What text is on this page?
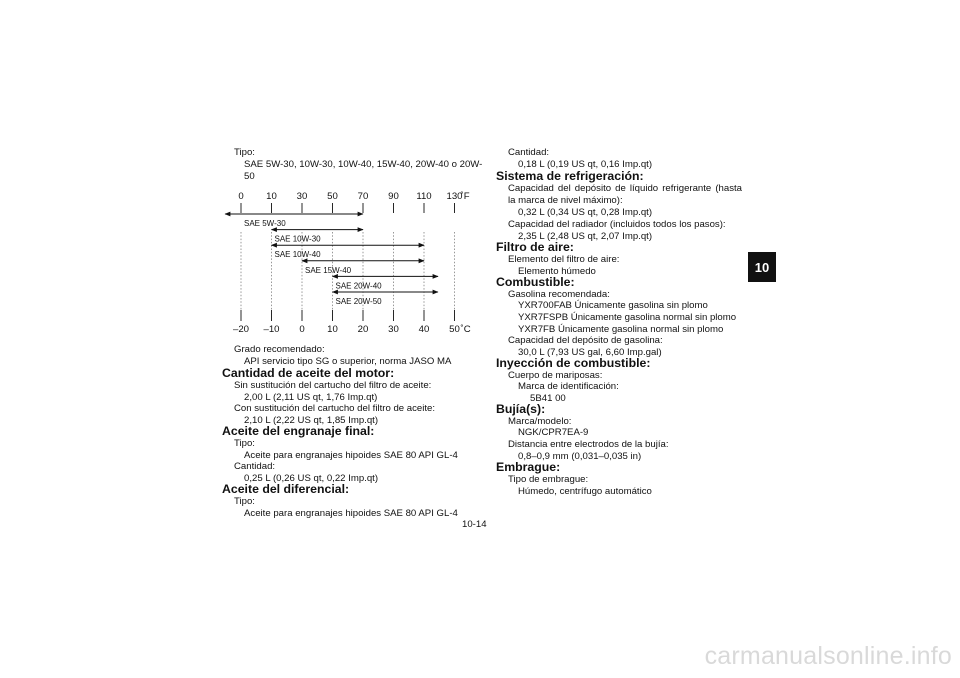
Tipo:
SAE 5W-30, 10W-30, 10W-40, 15W-40, 20W-40 o 20W-
50
Grado recomendado:
API servicio tipo SG o superior, norma JASO MA
Cantidad de aceite del motor:
Sin sustitución del cartucho del filtro de aceite:
2,00 L (2,11 US qt, 1,76 Imp.qt)
Con sustitución del cartucho del filtro de aceite:
2,10 L (2,22 US qt, 1,85 Imp.qt)
Aceite del engranaje final:
Tipo:
Aceite para engranajes hipoides SAE 80 API GL-4
Cantidad:
0,25 L (0,26 US qt, 0,22 Imp.qt)
Aceite del diferencial:
Tipo:
Aceite para engranajes hipoides SAE 80 API GL-4
0
–20
10
–10
30
0
50
10
70
20
90
30
110
40
130
50
˚F
˚C
SAE 5W-30
SAE 10W-30
SAE 10W-40
SAE 15W-40
SAE 20W-40
SAE 20W-50
Cantidad:
0,18 L (0,19 US qt, 0,16 Imp.qt)
Sistema de refrigeración:
Capacidad del depósito de líquido refrigerante (hasta la marca de nivel máximo):
0,32 L (0,34 US qt, 0,28 Imp.qt)
Capacidad del radiador (incluidos todos los pasos):
2,35 L (2,48 US qt, 2,07 Imp.qt)
Filtro de aire:
Elemento del filtro de aire:
Elemento húmedo
Combustible:
Gasolina recomendada:
YXR700FAB Únicamente gasolina sin plomo
YXR7FSPB Únicamente gasolina normal sin plomo
YXR7FB Únicamente gasolina normal sin plomo
Capacidad del depósito de gasolina:
30,0 L (7,93 US gal, 6,60 Imp.gal)
Inyección de combustible:
Cuerpo de mariposas:
Marca de identificación:
5B41 00
Bujía(s):
Marca/modelo:
NGK/CPR7EA-9
Distancia entre electrodos de la bujía:
0,8–0,9 mm (0,031–0,035 in)
Embrague:
Tipo de embrague:
Húmedo, centrífugo automático
10
10-14
carmanualsonline.info
